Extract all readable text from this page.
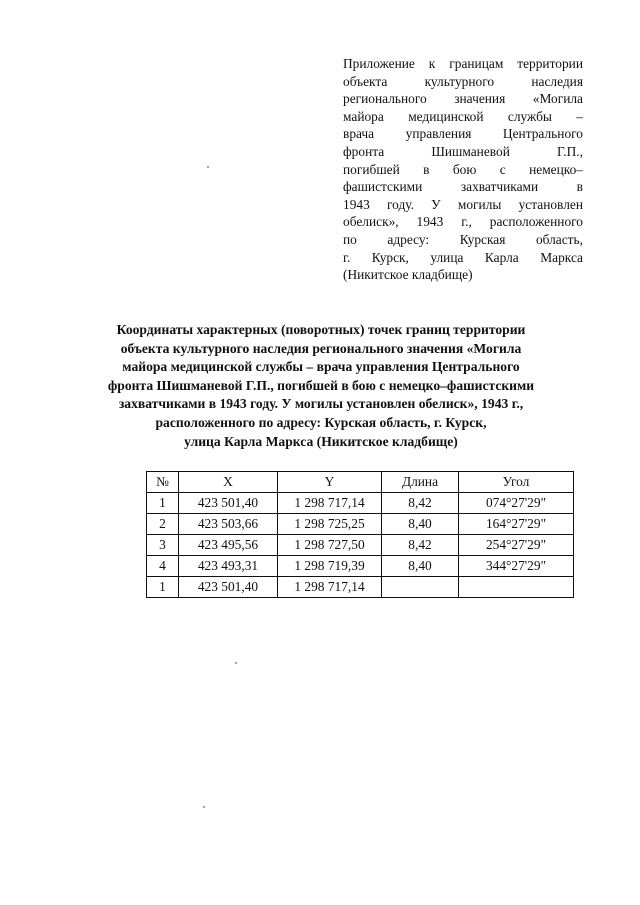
Приложение к границам территории
объекта культурного наследия
регионального значения «Могила
майора медицинской службы –
врача управления Центрального
фронта Шишманевой Г.П.,
погибшей в бою с немецко–
фашистскими захватчиками в
1943 году. У могилы установлен
обелиск», 1943 г., расположенного
по адресу: Курская область,
г. Курск, улица Карла Маркса
(Никитское кладбище)
Координаты характерных (поворотных) точек границ территории
объекта культурного наследия регионального значения «Могила
майора медицинской службы – врача управления Центрального
фронта Шишманевой Г.П., погибшей в бою с немецко–фашистскими
захватчиками в 1943 году. У могилы установлен обелиск», 1943 г.,
расположенного по адресу: Курская область, г. Курск,
улица Карла Маркса (Никитское кладбище)
№	X	Y	Длина	Угол
1	423 501,40	1 298 717,14	8,42	074°27'29"
2	423 503,66	1 298 725,25	8,40	164°27'29"
3	423 495,56	1 298 727,50	8,42	254°27'29"
4	423 493,31	1 298 719,39	8,40	344°27'29"
1	423 501,40	1 298 717,14		
